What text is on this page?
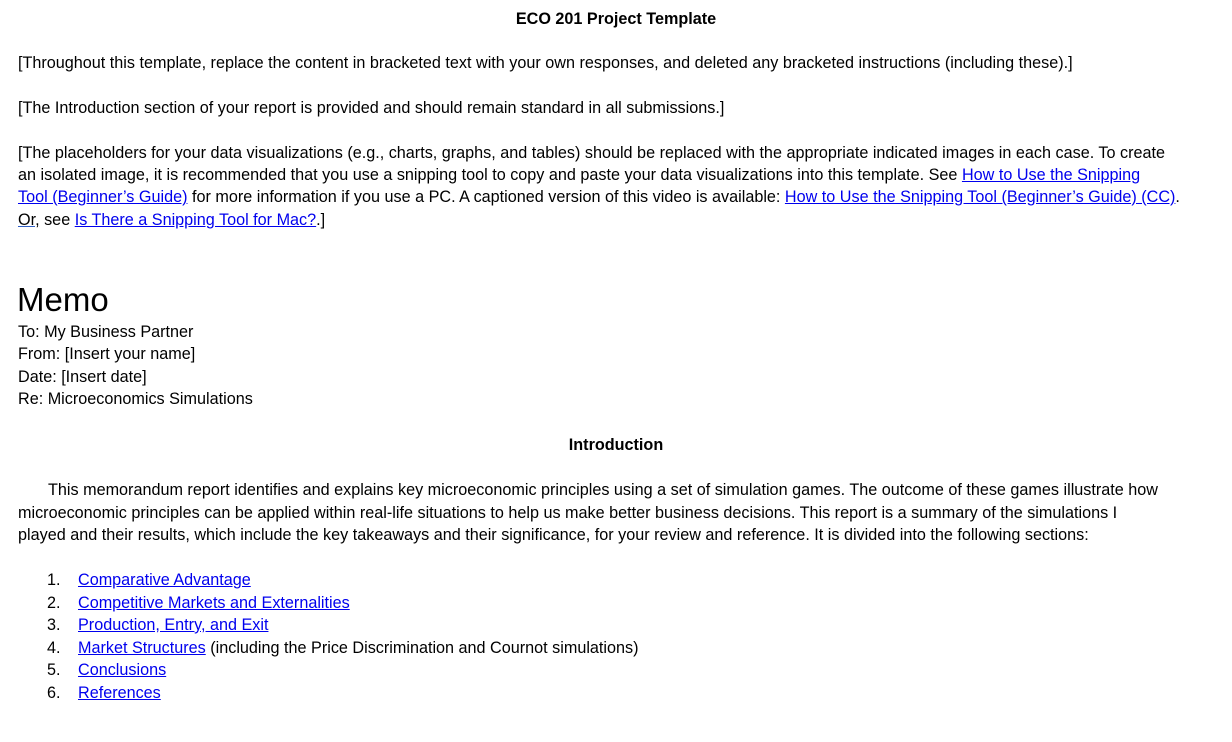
ECO 201 Project Template
[Throughout this template, replace the content in bracketed text with your own responses, and deleted any bracketed instructions (including these).]
[The Introduction section of your report is provided and should remain standard in all submissions.]
[The placeholders for your data visualizations (e.g., charts, graphs, and tables) should be replaced with the appropriate indicated images in each case. To create
an isolated image, it is recommended that you use a snipping tool to copy and paste your data visualizations into this template. See How to Use the Snipping
Tool (Beginner’s Guide) for more information if you use a PC. A captioned version of this video is available: How to Use the Snipping Tool (Beginner’s Guide) (CC).
Or, see Is There a Snipping Tool for Mac?.]
Memo
To: My Business Partner
From: [Insert your name]
Date: [Insert date]
Re: Microeconomics Simulations
Introduction
This memorandum report identifies and explains key microeconomic principles using a set of simulation games. The outcome of these games illustrate how
microeconomic principles can be applied within real-life situations to help us make better business decisions. This report is a summary of the simulations I
played and their results, which include the key takeaways and their significance, for your review and reference. It is divided into the following sections:
1.	Comparative Advantage
2.	Competitive Markets and Externalities
3.	Production, Entry, and Exit
4.	Market Structures (including the Price Discrimination and Cournot simulations)
5.	Conclusions
6.	References
